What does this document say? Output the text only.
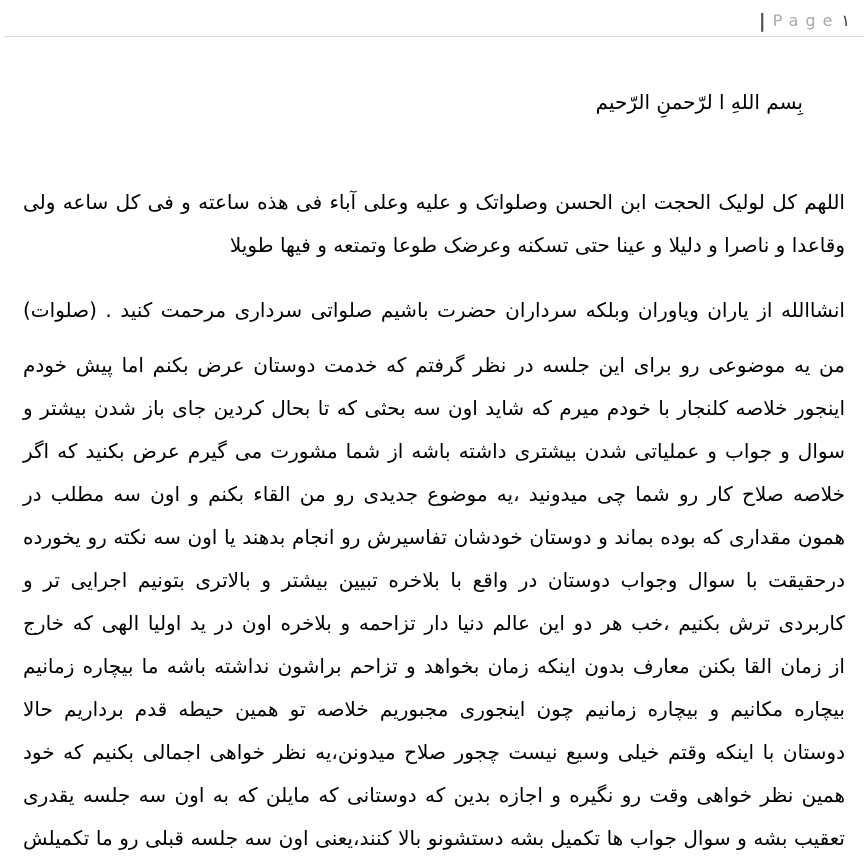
| Page ۱
بِسم اللهِ ا لرّحمنِ الرّحيم
اللهم كل لوليک الحجت ابن الحسن وصلواتک و عليه وعلى آباء فى هذه ساعته و فى كل ساعه ولى
وقاعدا و ناصرا و دليلا و عينا حتى تسكنه وعرضک طوعا وتمتعه و فيها طويلا
انشاالله از ياران وياوران وبلكه سرداران حضرت باشيم صلواتى سردارى مرحمت كنيد . (صلوات)
من يه موضوعى رو براى اين جلسه در نظر گرفتم كه خدمت دوستان عرض بكنم اما پيش خودم
اينجور خلاصه كلنجار با خودم ميرم كه شايد اون سه بحثى كه تا بحال كردين جاى باز شدن بيشتر و
سوال و جواب و عملياتى شدن بيشترى داشته باشه از شما مشورت مى گيرم عرض بكنيد كه اگر
خلاصه صلاح كار رو شما چى ميدونيد ،يه موضوع جديدى رو من القاء بكنم و اون سه مطلب در
همون مقدارى كه بوده بماند و دوستان خودشان تفاسيرش رو انجام بدهند يا اون سه نكته رو يخورده
درحقيقت با سوال وجواب دوستان در واقع با بلاخره تبيين بيشتر و بالاترى بتونيم اجرايى تر و
كاربردى ترش بكنيم ،خب هر دو اين عالم دنيا دار تزاحمه و بلاخره اون در يد اوليا الهى كه خارج
از زمان القا بكنن معارف بدون اينكه زمان بخواهد و تزاحم براشون نداشته باشه ما بيچاره زمانيم
بيچاره مكانيم و بيچاره زمانيم چون اينجورى مجبوريم خلاصه تو همين حيطه قدم برداريم حالا
دوستان با اينكه وقتم خيلى وسيع نيست چجور صلاح ميدونن،يه نظر خواهى اجمالى بكنيم كه خود
همين نظر خواهى وقت رو نگيره و اجازه بدين كه دوستانى كه مايلن كه به اون سه جلسه يقدرى
تعقيب بشه و سوال جواب ها تكميل بشه دستشونو بالا كنند،يعنى اون سه جلسه قبلى رو ما تكميلش
